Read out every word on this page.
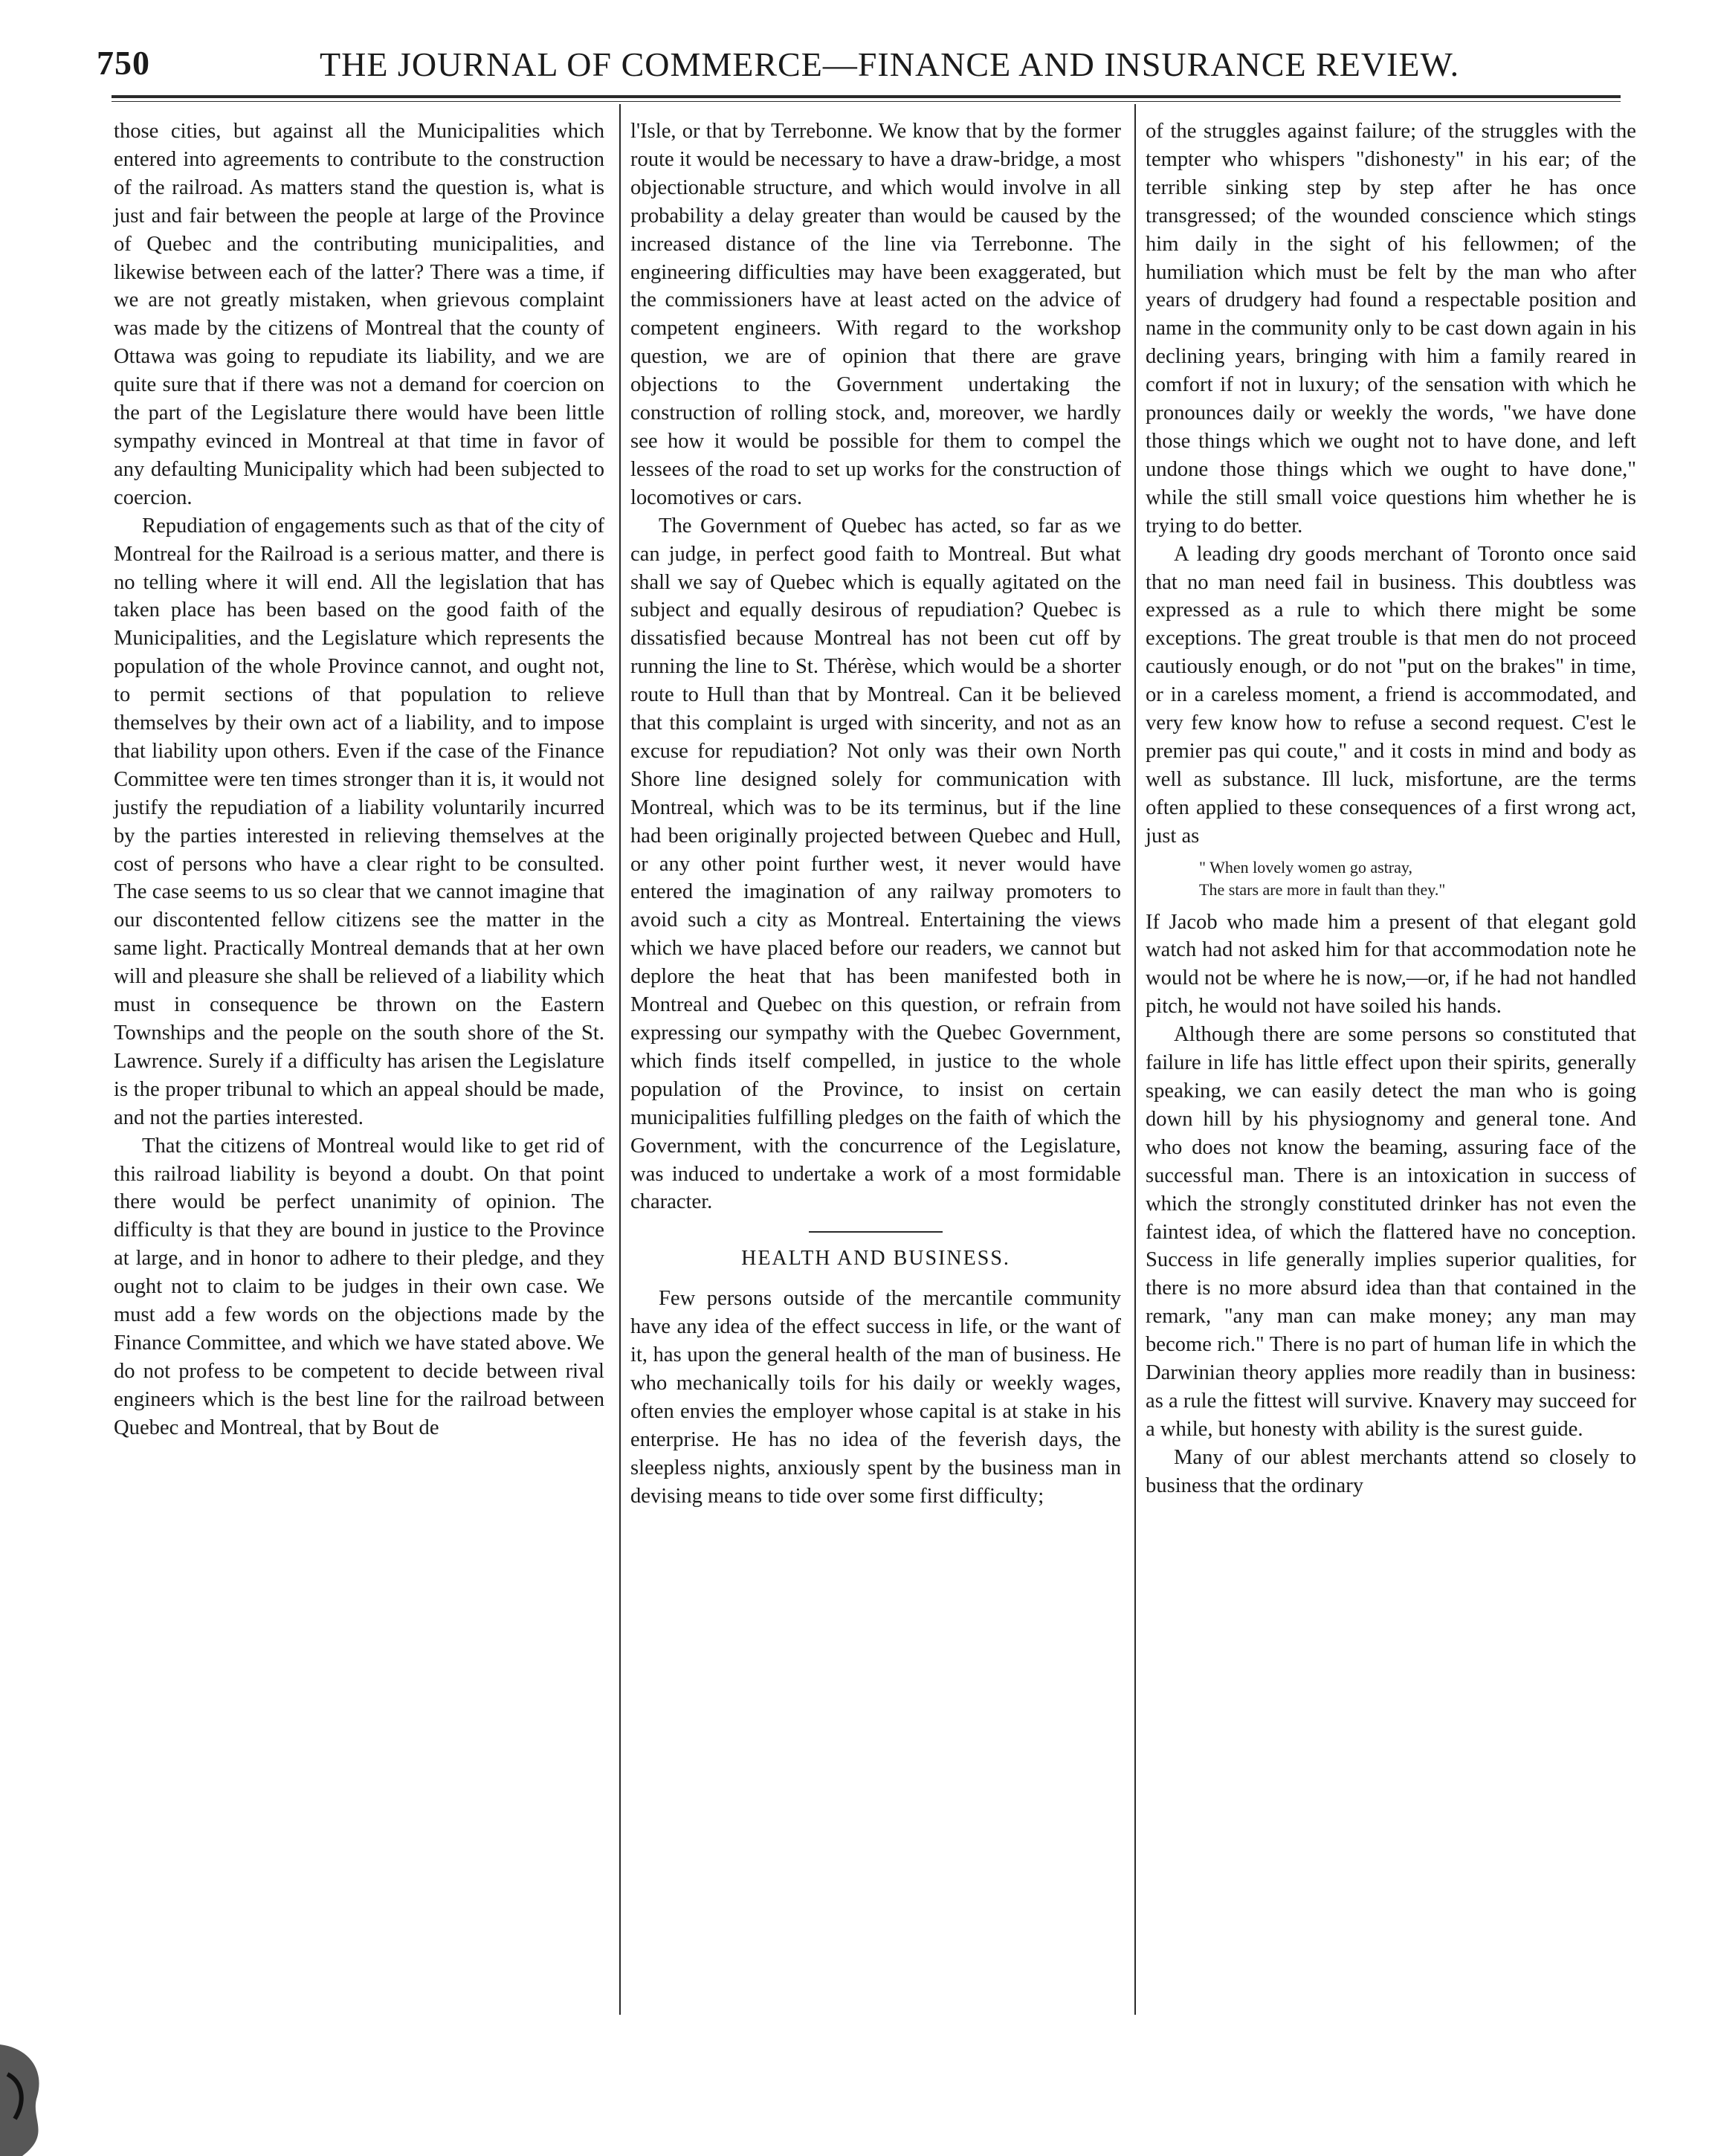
750	THE JOURNAL OF COMMERCE—FINANCE AND INSURANCE REVIEW.

those cities, but against all the Municipalities which entered into agreements to contribute to the construction of the railroad. As matters stand the question is, what is just and fair between the people at large of the Province of Quebec and the contributing municipalities, and likewise between each of the latter? There was a time, if we are not greatly mistaken, when grievous complaint was made by the citizens of Montreal that the county of Ottawa was going to repudiate its liability, and we are quite sure that if there was not a demand for coercion on the part of the Legislature there would have been little sympathy evinced in Montreal at that time in favor of any defaulting Municipality which had been subjected to coercion.

Repudiation of engagements such as that of the city of Montreal for the Railroad is a serious matter, and there is no telling where it will end. All the legislation that has taken place has been based on the good faith of the Municipalities, and the Legislature which represents the population of the whole Province cannot, and ought not, to permit sections of that population to relieve themselves by their own act of a liability, and to impose that liability upon others. Even if the case of the Finance Committee were ten times stronger than it is, it would not justify the repudiation of a liability voluntarily incurred by the parties interested in relieving themselves at the cost of persons who have a clear right to be consulted. The case seems to us so clear that we cannot imagine that our discontented fellow citizens see the matter in the same light. Practically Montreal demands that at her own will and pleasure she shall be relieved of a liability which must in consequence be thrown on the Eastern Townships and the people on the south shore of the St. Lawrence. Surely if a difficulty has arisen the Legislature is the proper tribunal to which an appeal should be made, and not the parties interested.

That the citizens of Montreal would like to get rid of this railroad liability is beyond a doubt. On that point there would be perfect unanimity of opinion. The difficulty is that they are bound in justice to the Province at large, and in honor to adhere to their pledge, and they ought not to claim to be judges in their own case. We must add a few words on the objections made by the Finance Committee, and which we have stated above. We do not profess to be competent to decide between rival engineers which is the best line for the railroad between Quebec and Montreal, that by Bout de

l'Isle, or that by Terrebonne. We know that by the former route it would be necessary to have a draw-bridge, a most objectionable structure, and which would involve in all probability a delay greater than would be caused by the increased distance of the line via Terrebonne. The engineering difficulties may have been exaggerated, but the commissioners have at least acted on the advice of competent engineers. With regard to the workshop question, we are of opinion that there are grave objections to the Government undertaking the construction of rolling stock, and, moreover, we hardly see how it would be possible for them to compel the lessees of the road to set up works for the construction of locomotives or cars.

The Government of Quebec has acted, so far as we can judge, in perfect good faith to Montreal. But what shall we say of Quebec which is equally agitated on the subject and equally desirous of repudiation? Quebec is dissatisfied because Montreal has not been cut off by running the line to St. Thérèse, which would be a shorter route to Hull than that by Montreal. Can it be believed that this complaint is urged with sincerity, and not as an excuse for repudiation? Not only was their own North Shore line designed solely for communication with Montreal, which was to be its terminus, but if the line had been originally projected between Quebec and Hull, or any other point further west, it never would have entered the imagination of any railway promoters to avoid such a city as Montreal. Entertaining the views which we have placed before our readers, we cannot but deplore the heat that has been manifested both in Montreal and Quebec on this question, or refrain from expressing our sympathy with the Quebec Government, which finds itself compelled, in justice to the whole population of the Province, to insist on certain municipalities fulfilling pledges on the faith of which the Government, with the concurrence of the Legislature, was induced to undertake a work of a most formidable character.

HEALTH AND BUSINESS.

Few persons outside of the mercantile community have any idea of the effect success in life, or the want of it, has upon the general health of the man of business. He who mechanically toils for his daily or weekly wages, often envies the employer whose capital is at stake in his enterprise. He has no idea of the feverish days, the sleepless nights, anxiously spent by the business man in devising means to tide over some first difficulty;

of the struggles against failure; of the struggles with the tempter who whispers "dishonesty" in his ear; of the terrible sinking step by step after he has once transgressed; of the wounded conscience which stings him daily in the sight of his fellowmen; of the humiliation which must be felt by the man who after years of drudgery had found a respectable position and name in the community only to be cast down again in his declining years, bringing with him a family reared in comfort if not in luxury; of the sensation with which he pronounces daily or weekly the words, "we have done those things which we ought not to have done, and left undone those things which we ought to have done," while the still small voice questions him whether he is trying to do better.

A leading dry goods merchant of Toronto once said that no man need fail in business. This doubtless was expressed as a rule to which there might be some exceptions. The great trouble is that men do not proceed cautiously enough, or do not "put on the brakes" in time, or in a careless moment, a friend is accommodated, and very few know how to refuse a second request. C'est le premier pas qui coute," and it costs in mind and body as well as substance. Ill luck, misfortune, are the terms often applied to these consequences of a first wrong act, just as

" When lovely women go astray,
The stars are more in fault than they."

If Jacob who made him a present of that elegant gold watch had not asked him for that accommodation note he would not be where he is now,—or, if he had not handled pitch, he would not have soiled his hands.

Although there are some persons so constituted that failure in life has little effect upon their spirits, generally speaking, we can easily detect the man who is going down hill by his physiognomy and general tone. And who does not know the beaming, assuring face of the successful man. There is an intoxication in success of which the strongly constituted drinker has not even the faintest idea, of which the flattered have no conception. Success in life generally implies superior qualities, for there is no more absurd idea than that contained in the remark, "any man can make money; any man may become rich." There is no part of human life in which the Darwinian theory applies more readily than in business: as a rule the fittest will survive. Knavery may succeed for a while, but honesty with ability is the surest guide.

Many of our ablest merchants attend so closely to business that the ordinary
